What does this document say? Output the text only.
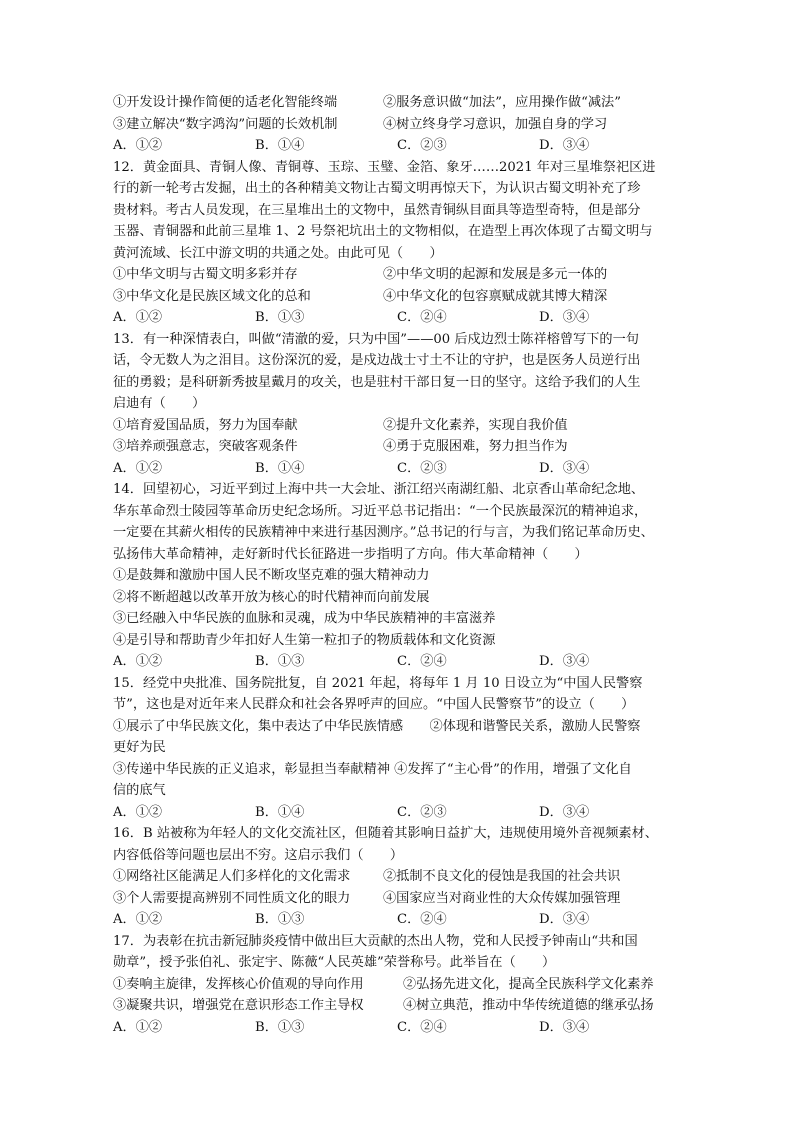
①开发设计操作简便的适老化智能终端	②服务意识做“加法”，应用操作做“减法”
③建立解决“数字鸿沟”问题的长效机制	④树立终身学习意识，加强自身的学习
A．①②	B．①④	C．②③	D．③④
12．黄金面具、青铜人像、青铜尊、玉琮、玉璧、金箔、象牙……2021 年对三星堆祭祀区进
行的新一轮考古发掘，出土的各种精美文物让古蜀文明再惊天下，为认识古蜀文明补充了珍
贵材料。考古人员发现，在三星堆出土的文物中，虽然青铜纵目面具等造型奇特，但是部分
玉器、青铜器和此前三星堆 1、2 号祭祀坑出土的文物相似，在造型上再次体现了古蜀文明与
黄河流域、长江中游文明的共通之处。由此可见（　　）
①中华文明与古蜀文明多彩并存	②中华文明的起源和发展是多元一体的
③中华文化是民族区域文化的总和	④中华文化的包容禀赋成就其博大精深
A．①②	B．①③	C．②④	D．③④
13．有一种深情表白，叫做“清澈的爱，只为中国”——00 后戍边烈士陈祥榕曾写下的一句
话，令无数人为之泪目。这份深沉的爱，是戍边战士寸土不让的守护，也是医务人员逆行出
征的勇毅；是科研新秀披星戴月的攻关，也是驻村干部日复一日的坚守。这给予我们的人生
启迪有（　　）
①培育爱国品质，努力为国奉献	②提升文化素养，实现自我价值
③培养顽强意志，突破客观条件	④勇于克服困难，努力担当作为
A．①②	B．①④	C．②③	D．③④
14．回望初心，习近平到过上海中共一大会址、浙江绍兴南湖红船、北京香山革命纪念地、
华东革命烈士陵园等革命历史纪念场所。习近平总书记指出：“一个民族最深沉的精神追求，
一定要在其薪火相传的民族精神中来进行基因测序。”总书记的行与言，为我们铭记革命历史、
弘扬伟大革命精神，走好新时代长征路进一步指明了方向。伟大革命精神（　　）
①是鼓舞和激励中国人民不断攻坚克难的强大精神动力
②将不断超越以改革开放为核心的时代精神而向前发展
③已经融入中华民族的血脉和灵魂，成为中华民族精神的丰富滋养
④是引导和帮助青少年扣好人生第一粒扣子的物质载体和文化资源
A．①②	B．①③	C．②④	D．③④
15．经党中央批准、国务院批复，自 2021 年起，将每年 1 月 10 日设立为“中国人民警察
节”，这也是对近年来人民群众和社会各界呼声的回应。“中国人民警察节”的设立（　　）
①展示了中华民族文化，集中表达了中华民族情感　　②体现和谐警民关系，激励人民警察
更好为民
③传递中华民族的正义追求，彰显担当奉献精神 ④发挥了“主心骨”的作用，增强了文化自
信的底气
A．①②	B．①④	C．②③	D．③④
16．B 站被称为年轻人的文化交流社区，但随着其影响日益扩大，违规使用境外音视频素材、
内容低俗等问题也层出不穷。这启示我们（　　）
①网络社区能满足人们多样化的文化需求	②抵制不良文化的侵蚀是我国的社会共识
③个人需要提高辨别不同性质文化的眼力	④国家应当对商业性的大众传媒加强管理
A．①②	B．①③	C．②④	D．③④
17．为表彰在抗击新冠肺炎疫情中做出巨大贡献的杰出人物，党和人民授予钟南山“共和国
勋章”，授予张伯礼、张定宇、陈薇“人民英雄”荣誉称号。此举旨在（　　）
①奏响主旋律，发挥核心价值观的导向作用	②弘扬先进文化，提高全民族科学文化素养
③凝聚共识，增强党在意识形态工作主导权	④树立典范，推动中华传统道德的继承弘扬
A．①②	B．①③	C．②④	D．③④
